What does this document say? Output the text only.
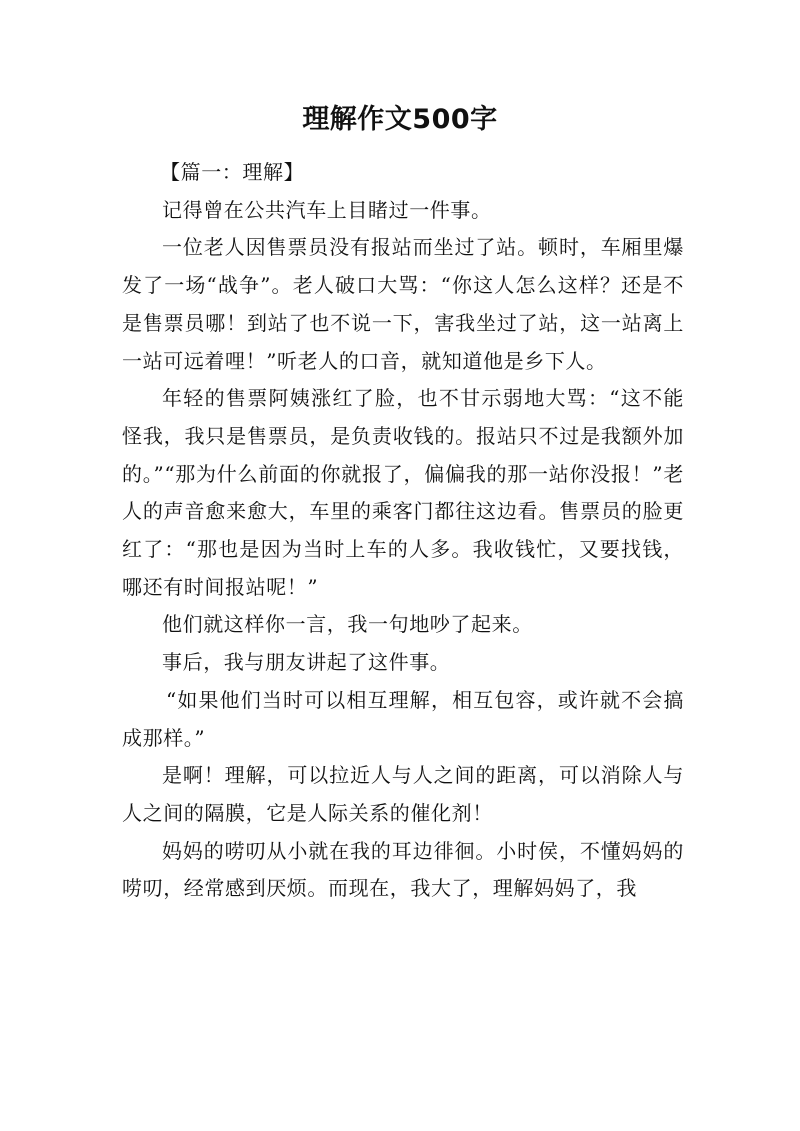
理解作文500字

【篇一：理解】

记得曾在公共汽车上目睹过一件事。

一位老人因售票员没有报站而坐过了站。顿时，车厢里爆发了一场“战争”。老人破口大骂：“你这人怎么这样？还是不是售票员哪！到站了也不说一下，害我坐过了站，这一站离上一站可远着哩！”听老人的口音，就知道他是乡下人。

年轻的售票阿姨涨红了脸，也不甘示弱地大骂：“这不能怪我，我只是售票员，是负责收钱的。报站只不过是我额外加的。”“那为什么前面的你就报了，偏偏我的那一站你没报！”老人的声音愈来愈大，车里的乘客门都往这边看。售票员的脸更红了：“那也是因为当时上车的人多。我收钱忙，又要找钱，哪还有时间报站呢！”

他们就这样你一言，我一句地吵了起来。

事后，我与朋友讲起了这件事。

“如果他们当时可以相互理解，相互包容，或许就不会搞成那样。”

是啊！理解，可以拉近人与人之间的距离，可以消除人与人之间的隔膜，它是人际关系的催化剂！

妈妈的唠叨从小就在我的耳边徘徊。小时侯，不懂妈妈的唠叨，经常感到厌烦。而现在，我大了，理解妈妈了，我
